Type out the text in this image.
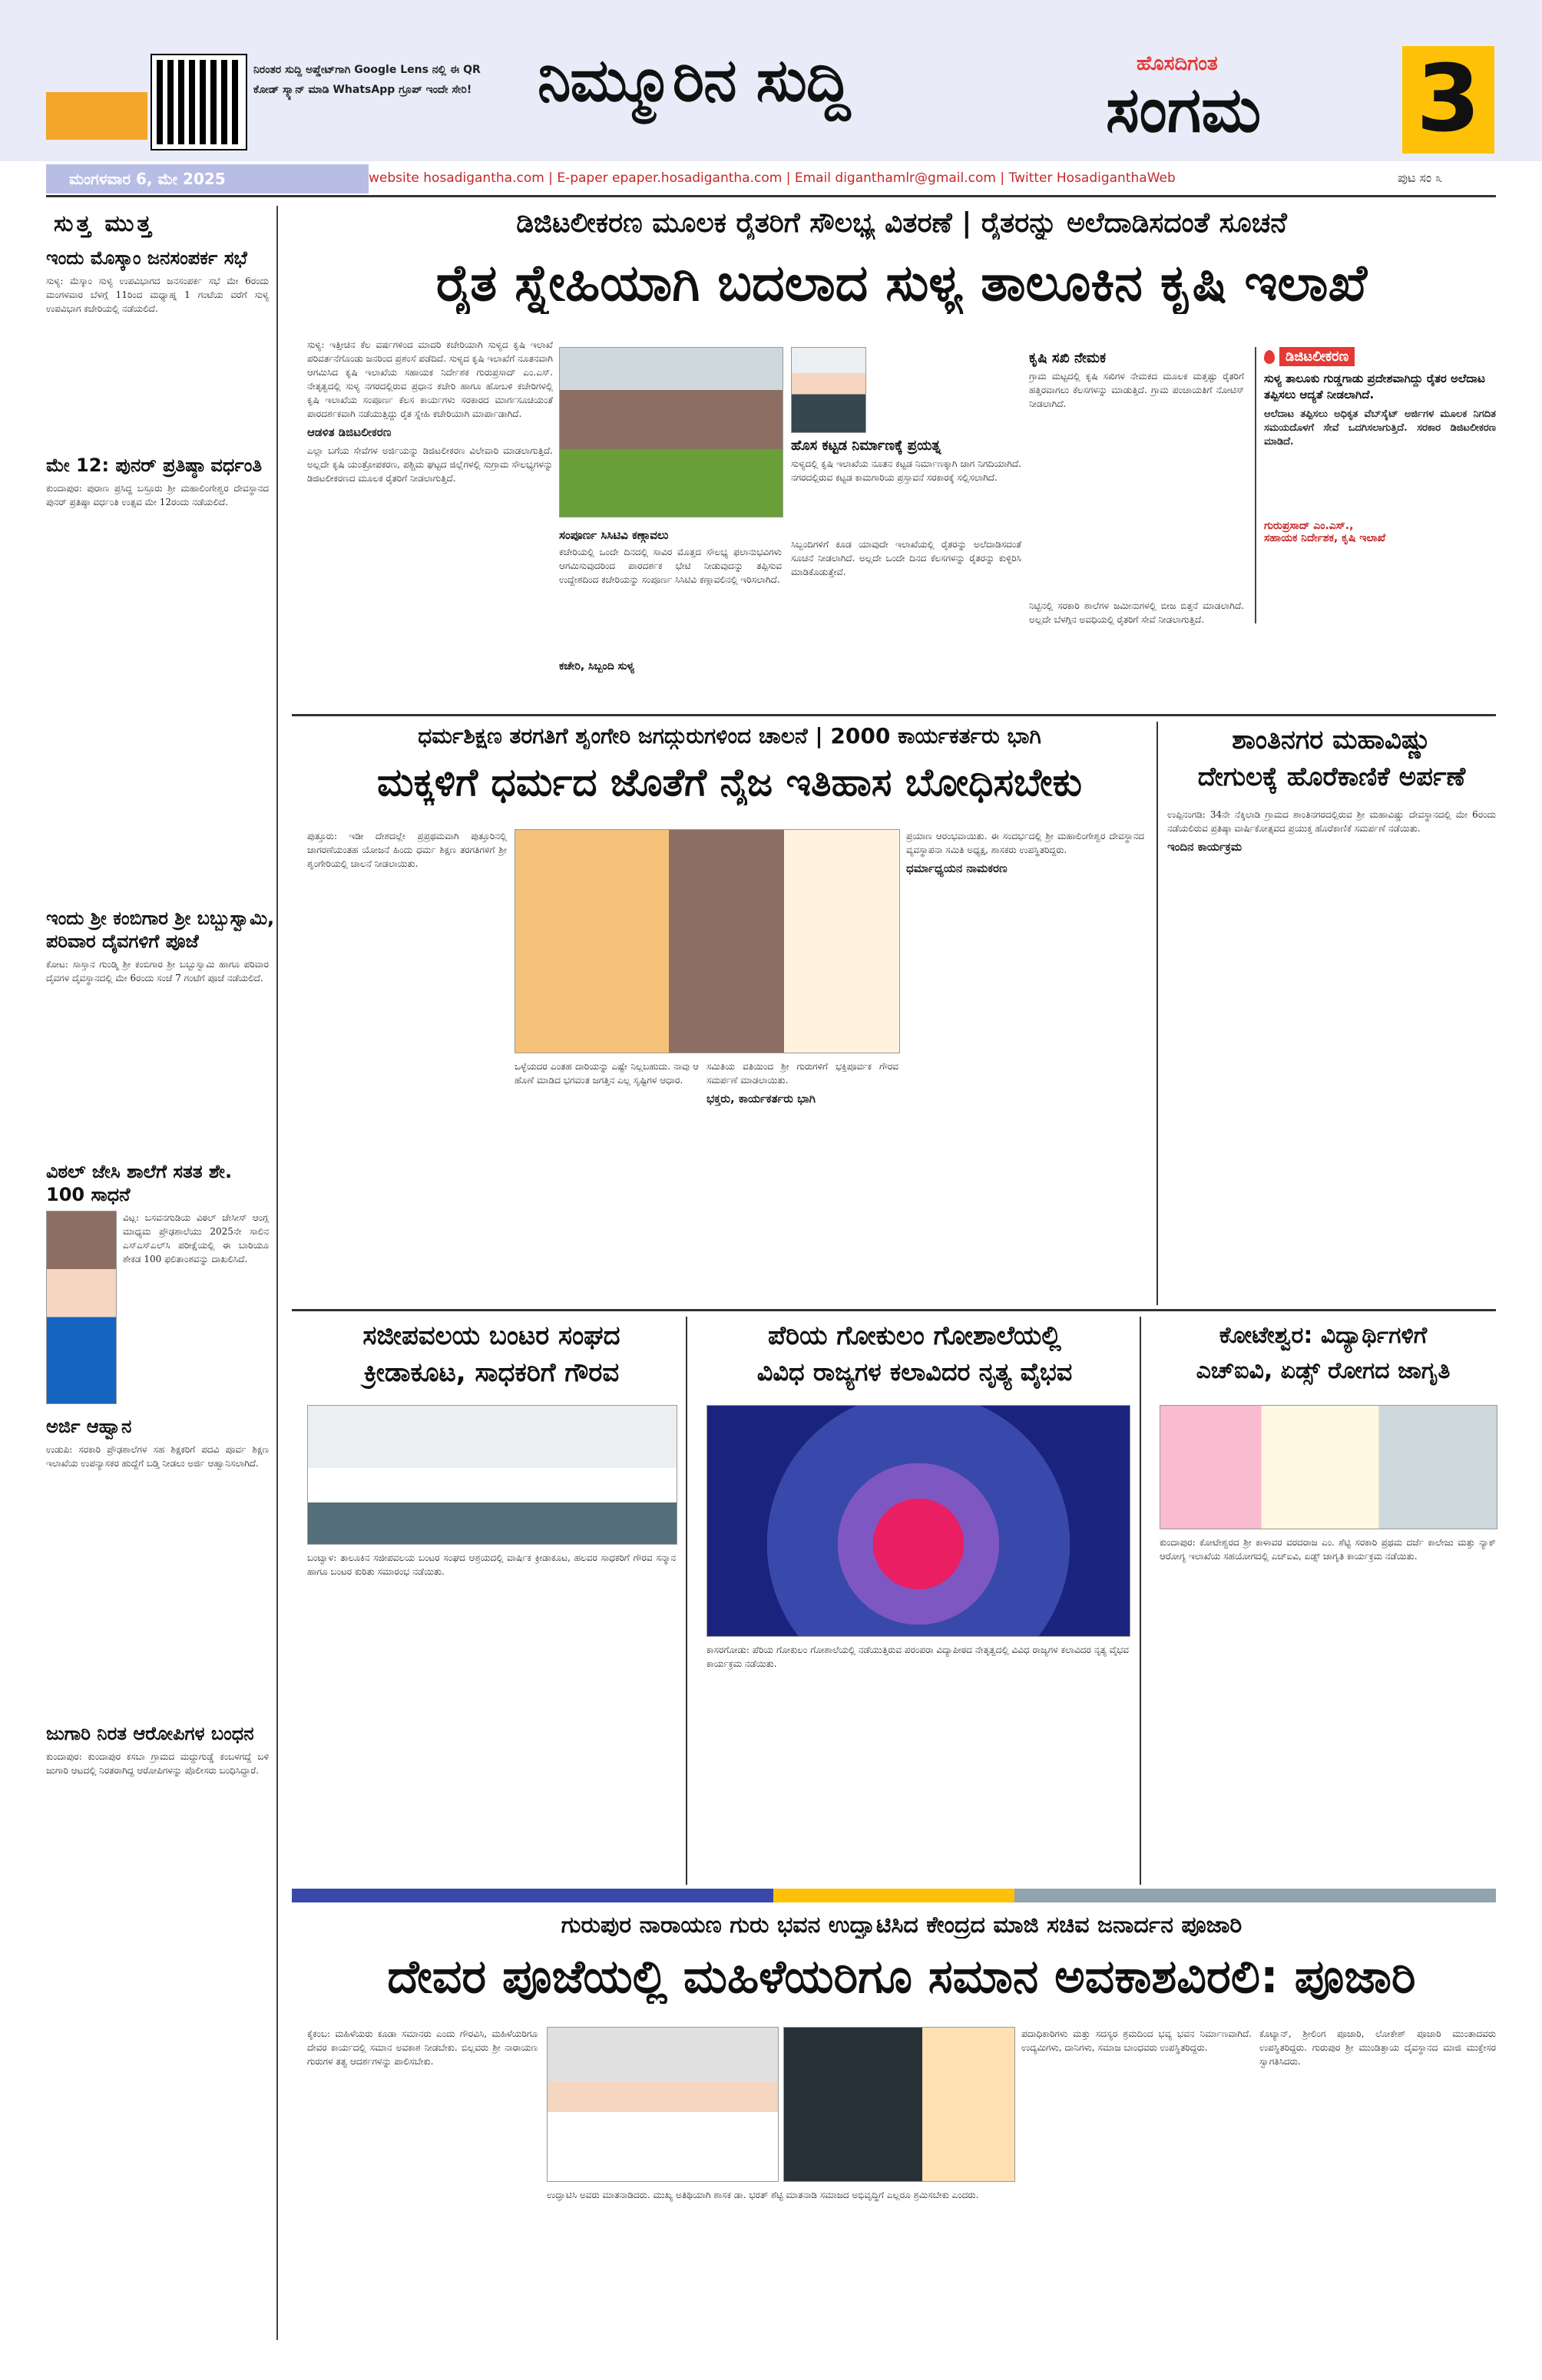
ನಿರಂತರ ಸುದ್ದಿ ಅಪ್ಡೇಟ್‌ಗಾಗಿ Google Lens ನಲ್ಲಿ ಈ QR ಕೋಡ್ ಸ್ಕ್ಯಾನ್ ಮಾಡಿ WhatsApp ಗ್ರೂಪ್ ಇಂದೇ ಸೇರಿ! ನಿಮ್ಮೂರಿನ ಸುದ್ದಿ	ಹೊಸದಿಗಂತ
ಸಂಗಮ 3
ಮಂಗಳವಾರ 6, ಮೇ 2025	website hosadigantha.com | E-paper epaper.hosadigantha.com | Email diganthamlr@gmail.com | Twitter HosadiganthaWeb	ಪುಟ ಸಂ ೩
ಸುತ್ತ ಮುತ್ತ
ಇಂದು ಮೊಸ್ಕಾಂ ಜನಸಂಪರ್ಕ ಸಭೆ
ಸುಳ್ಯ: ಮೆಸ್ಕಾಂ ಸುಳ್ಯ ಉಪವಿಭಾಗದ ಜನಸಂಪರ್ಕ ಸಭೆ ಮೇ 6ರಂದು ಮಂಗಳವಾರ ಬೆಳಗ್ಗೆ 11ರಿಂದ ಮಧ್ಯಾಹ್ನ 1 ಗಂಟೆಯ ವರೆಗೆ ಸುಳ್ಯ ಉಪವಿಭಾಗ ಕಚೇರಿಯಲ್ಲಿ ನಡೆಯಲಿದೆ.
ಮೇ 12: ಪುನರ್ ಪ್ರತಿಷ್ಠಾ ವರ್ಧಂತಿ
ಕುಂದಾಪುರ: ಪುರಾಣ ಪ್ರಸಿದ್ಧ ಬಸ್ರೂರು ಶ್ರೀ ಮಹಾಲಿಂಗೇಶ್ವರ ದೇವಸ್ಥಾನದ ಪುನರ್ ಪ್ರತಿಷ್ಠಾ ವರ್ಧಂತಿ ಉತ್ಸವ ಮೇ 12ರಂದು ನಡೆಯಲಿದೆ.
ಇಂದು ಶ್ರೀ ಕಂಬಿಗಾರ ಶ್ರೀ ಬಬ್ಬುಸ್ವಾಮಿ, ಪರಿವಾರ ದೈವಗಳಿಗೆ ಪೂಜೆ
ಕೋಟ: ಸಾಸ್ತಾನ ಗುಂಡ್ಮಿ ಶ್ರೀ ಕಂಬಿಗಾರ ಶ್ರೀ ಬಬ್ಬುಸ್ವಾಮಿ ಹಾಗೂ ಪರಿವಾರ ದೈವಗಳ ದೈವಸ್ಥಾನದಲ್ಲಿ ಮೇ 6ರಂದು ಸಂಜೆ 7 ಗಂಟೆಗೆ ಪೂಜೆ ನಡೆಯಲಿದೆ.
ವಿಠಲ್ ಜೇಸಿ ಶಾಲೆಗೆ ಸತತ ಶೇ. 100 ಸಾಧನೆ
ವಿಟ್ಲ: ಬಸವನಗುಡಿಯ ವಿಠಲ್ ಜೇಸೀಸ್ ಆಂಗ್ಲ ಮಾಧ್ಯಮ ಪ್ರೌಢಶಾಲೆಯು 2025ನೇ ಸಾಲಿನ ಎಸ್ಎಸ್ಎಲ್‌ಸಿ ಪರೀಕ್ಷೆಯಲ್ಲಿ ಈ ಬಾರಿಯೂ ಶೇಕಡ 100 ಫಲಿತಾಂಶವನ್ನು ದಾಖಲಿಸಿದೆ.
ಅರ್ಜಿ ಆಹ್ವಾನ
ಉಡುಪಿ: ಸರಕಾರಿ ಪ್ರೌಢಶಾಲೆಗಳ ಸಹ ಶಿಕ್ಷಕರಿಗೆ ಪದವಿ ಪೂರ್ವ ಶಿಕ್ಷಣ ಇಲಾಖೆಯ ಉಪನ್ಯಾಸಕರ ಹುದ್ದೆಗೆ ಬಡ್ತಿ ನೀಡಲು ಅರ್ಜಿ ಆಹ್ವಾನಿಸಲಾಗಿದೆ.
ಜುಗಾರಿ ನಿರತ ಆರೋಪಿಗಳ ಬಂಧನ
ಕುಂದಾಪುರ: ಕುಂದಾಪುರ ಕಸಬಾ ಗ್ರಾಮದ ಮದ್ದುಗುಡ್ಡೆ ಕಂಬಳಗದ್ದೆ ಬಳಿ ಜುಗಾರಿ ಆಟದಲ್ಲಿ ನಿರತರಾಗಿದ್ದ ಆರೋಪಿಗಳನ್ನು ಪೊಲೀಸರು ಬಂಧಿಸಿದ್ದಾರೆ.
ಡಿಜಿಟಲೀಕರಣ ಮೂಲಕ ರೈತರಿಗೆ ಸೌಲಭ್ಯ ವಿತರಣೆ | ರೈತರನ್ನು ಅಲೆದಾಡಿಸದಂತೆ ಸೂಚನೆ
ರೈತ ಸ್ನೇಹಿಯಾಗಿ ಬದಲಾದ ಸುಳ್ಯ ತಾಲೂಕಿನ ಕೃಷಿ ಇಲಾಖೆ

ಸುಳ್ಯ: ಇತ್ತೀಚಿನ ಕೆಲ ವರ್ಷಗಳಿಂದ ಮಾದರಿ ಕಚೇರಿಯಾಗಿ ಸುಳ್ಯದ ಕೃಷಿ ಇಲಾಖೆ ಪರಿವರ್ತನೆಗೊಂಡು ಜನರಿಂದ ಪ್ರಶಂಸೆ ಪಡೆದಿದೆ. ಸುಳ್ಯದ ಕೃಷಿ ಇಲಾಖೆಗೆ ನೂತನವಾಗಿ ಆಗಮಿಸಿದ ಕೃಷಿ ಇಲಾಖೆಯ ಸಹಾಯಕ ನಿರ್ದೇಶಕ ಗುರುಪ್ರಸಾದ್ ಎಂ.ಎಸ್. ನೇತೃತ್ವದಲ್ಲಿ ಸುಳ್ಯ ನಗರದಲ್ಲಿರುವ ಪ್ರಧಾನ ಕಚೇರಿ ಹಾಗೂ ಹೋಬಳಿ ಕಚೇರಿಗಳಲ್ಲಿ ಕೃಷಿ ಇಲಾಖೆಯ ಸಂಪೂರ್ಣ ಕೆಲಸ ಕಾರ್ಯಗಳು ಸರಕಾರದ ಮಾರ್ಗಸೂಚಿಯಂತೆ ಪಾರದರ್ಶಕವಾಗಿ ನಡೆಯುತ್ತಿದ್ದು ರೈತ ಸ್ನೇಹಿ ಕಚೇರಿಯಾಗಿ ಮಾರ್ಪಾಡಾಗಿದೆ.

ಆಡಳಿತ ಡಿಜಿಟಲೀಕರಣ

ಎಲ್ಲಾ ಬಗೆಯ ಸೇವೆಗಳ ಅರ್ಜಿಯನ್ನು ಡಿಜಿಟಲೀಕರಣ ವಿಲೇವಾರಿ ಮಾಡಲಾಗುತ್ತಿದೆ. ಅಲ್ಲದೇ ಕೃಷಿ ಯಂತ್ರೋಪಕರಣ, ಪಶ್ಚಿಮ ಘಟ್ಟದ ಜಿಲ್ಲೆಗಳಲ್ಲಿ ಸುಗ್ರಾಮ ಸೌಲಭ್ಯಗಳನ್ನು ಡಿಜಿಟಲೀಕರಣದ ಮೂಲಕ ರೈತರಿಗೆ ನೀಡಲಾಗುತ್ತಿದೆ.

ಸಂಪೂರ್ಣ ಸಿಸಿಟಿವಿ ಕಣ್ಗಾವಲು
ಕಚೇರಿಯಲ್ಲಿ ಒಂದೇ ದಿನದಲ್ಲಿ ಸಾವಿರ ಮೊತ್ತದ ಸೌಲಭ್ಯ ಫಲಾನುಭವಿಗಳು ಆಗಮಿಸುವುದರಿಂದ ಪಾರದರ್ಶಕ ಭೇಟಿ ನೀಡುವುದನ್ನು ತಪ್ಪಿಸುವ ಉದ್ದೇಶದಿಂದ ಕಚೇರಿಯನ್ನು ಸಂಪೂರ್ಣ ಸಿಸಿಟಿವಿ ಕಣ್ಗಾವಲಿನಲ್ಲಿ ಇರಿಸಲಾಗಿದೆ.
ಕಚೇರಿ, ಸಿಬ್ಬಂದಿ ಸುಳ್ಯ
ಹೊಸ ಕಟ್ಟಡ ನಿರ್ಮಾಣಕ್ಕೆ ಪ್ರಯತ್ನ
ಸುಳ್ಯದಲ್ಲಿ ಕೃಷಿ ಇಲಾಖೆಯ ನೂತನ ಕಟ್ಟಡ ನಿರ್ಮಾಣಕ್ಕಾಗಿ ಜಾಗ ನಿಗದಿಯಾಗಿದೆ. ನಗರದಲ್ಲಿರುವ ಕಟ್ಟಡ ಕಾಮಗಾರಿಯ ಪ್ರಸ್ತಾವನೆ ಸರಕಾರಕ್ಕೆ ಸಲ್ಲಿಸಲಾಗಿದೆ.
ಸಿಬ್ಬಂದಿಗಳಿಗೆ ಕೂಡ ಯಾವುದೇ ಇಲಾಖೆಯಲ್ಲಿ ರೈತರನ್ನು ಅಲೆದಾಡಿಸದಂತೆ ಸೂಚನೆ ನೀಡಲಾಗಿದೆ. ಅಲ್ಲದೇ ಒಂದೇ ದಿನದ ಕೆಲಸಗಳನ್ನು ರೈತರನ್ನು ಕುಳ್ಳಿರಿಸಿ ಮಾಡಿಕೊಡುತ್ತೇವೆ.
ಕೃಷಿ ಸಖಿ ನೇಮಕ
ಗ್ರಾಮ ಮಟ್ಟದಲ್ಲಿ ಕೃಷಿ ಸಖಿಗಳ ನೇಮಕದ ಮೂಲಕ ಮತ್ತಷ್ಟು ರೈತರಿಗೆ ಹತ್ತಿರವಾಗಲು ಕೆಲಸಗಳನ್ನು ಮಾಡುತ್ತಿದೆ. ಗ್ರಾಮ ಪಂಚಾಯತಿಗೆ ನೋಟಿಸ್ ನೀಡಲಾಗಿದೆ.
ನಿಟ್ಟಿನಲ್ಲಿ ಸರಕಾರಿ ಶಾಲೆಗಳ ಜಮೀನುಗಳಲ್ಲಿ ಬೀಜ ಬಿತ್ತನೆ ಮಾಡಲಾಗಿದೆ. ಅಲ್ಲದೇ ಬೆಳಗ್ಗಿನ ಅವಧಿಯಲ್ಲಿ ರೈತರಿಗೆ ಸೇವೆ ನೀಡಲಾಗುತ್ತಿದೆ.
ಡಿಜಿಟಲೀಕರಣ
ಸುಳ್ಯ ತಾಲೂಕು ಗುಡ್ಡಗಾಡು ಪ್ರದೇಶವಾಗಿದ್ದು ರೈತರ ಅಲೆದಾಟ ತಪ್ಪಿಸಲು ಆದ್ಯತೆ ನೀಡಲಾಗಿದೆ.
ಆಲೆದಾಟ ತಪ್ಪಿಸಲು ಅಧಿಕೃತ ವೆಬ್‌ಸೈಟ್ ಅರ್ಜಿಗಳ ಮೂಲಕ ನಿಗದಿತ ಸಮಯದೊಳಗೆ ಸೇವೆ ಒದಗಿಸಲಾಗುತ್ತಿದೆ. ಸರಕಾರ ಡಿಜಿಟಲೀಕರಣ ಮಾಡಿದೆ.
ಗುರುಪ್ರಸಾದ್ ಎಂ.ಎಸ್.,
ಸಹಾಯಕ ನಿರ್ದೇಶಕ, ಕೃಷಿ ಇಲಾಖೆ
ಧರ್ಮಶಿಕ್ಷಣ ತರಗತಿಗೆ ಶೃಂಗೇರಿ ಜಗದ್ಗುರುಗಳಿಂದ ಚಾಲನೆ | 2000 ಕಾರ್ಯಕರ್ತರು ಭಾಗಿ
ಮಕ್ಕಳಿಗೆ ಧರ್ಮದ ಜೊತೆಗೆ ನೈಜ ಇತಿಹಾಸ ಬೋಧಿಸಬೇಕು
ಪುತ್ತೂರು: ಇಡೀ ದೇಶದಲ್ಲೇ ಪ್ರಪ್ರಥಮವಾಗಿ ಪುತ್ತೂರಿನಲ್ಲಿ ಜಾಗರಣೆಯಂತಹ ಯೋಜನೆ ಹಿಂದು ಧರ್ಮ ಶಿಕ್ಷಣ ತರಗತಿಗಳಿಗೆ ಶ್ರೀ ಶೃಂಗೇರಿಯಲ್ಲಿ ಚಾಲನೆ ನೀಡಲಾಯಿತು.
ಒಳ್ಳೆಯದರ ಎಂತಹ ದಾರಿಯನ್ನು ಎಷ್ಟೇ ನಿಲ್ಲಬಹುದು. ನಾವು ಆ ಹೊಣೆ ಮಾಡಿದ ಭಗವಂತ ಜಗತ್ತಿನ ಎಲ್ಲ ಸೃಷ್ಟಿಗಳ ಆಧಾರ.

ಸಮಿತಿಯ ವತಿಯಿಂದ ಶ್ರೀ ಗುರುಗಳಿಗೆ ಭಕ್ತಿಪೂರ್ವಕ ಗೌರವ ಸಮರ್ಪಣೆ ಮಾಡಲಾಯಿತು.

ಭಕ್ತರು, ಕಾರ್ಯಕರ್ತರು ಭಾಗಿ

ಪ್ರಯಾಣ ಆರಂಭವಾಯಿತು. ಈ ಸಂದರ್ಭದಲ್ಲಿ ಶ್ರೀ ಮಹಾಲಿಂಗೇಶ್ವರ ದೇವಸ್ಥಾನದ ವ್ಯವಸ್ಥಾಪನಾ ಸಮಿತಿ ಅಧ್ಯಕ್ಷ, ಶಾಸಕರು ಉಪಸ್ಥಿತರಿದ್ದರು.

ಧರ್ಮಾಧ್ಯಯನ ನಾಮಕರಣ

ಶಾಂತಿನಗರ ಮಹಾವಿಷ್ಣು
ದೇಗುಲಕ್ಕೆ ಹೊರೆಕಾಣಿಕೆ ಅರ್ಪಣೆ

ಉಪ್ಪಿನಂಗಡಿ: 34ನೇ ನೆಕ್ಕಿಲಾಡಿ ಗ್ರಾಮದ ಶಾಂತಿನಗರದಲ್ಲಿರುವ ಶ್ರೀ ಮಹಾವಿಷ್ಣು ದೇವಸ್ಥಾನದಲ್ಲಿ ಮೇ 6ರಂದು ನಡೆಯಲಿರುವ ಪ್ರತಿಷ್ಠಾ ವಾರ್ಷಿಕೋತ್ಸವದ ಪ್ರಯುಕ್ತ ಹೊರೆಕಾಣಿಕೆ ಸಮರ್ಪಣೆ ನಡೆಯಿತು.

ಇಂದಿನ ಕಾರ್ಯಕ್ರಮ

ಸಜೀಪವಲಯ ಬಂಟರ ಸಂಘದ
ಕ್ರೀಡಾಕೂಟ, ಸಾಧಕರಿಗೆ ಗೌರವ
ಬಂಟ್ವಾಳ: ತಾಲೂಕಿನ ಸಜೀಪವಲಯ ಬಂಟರ ಸಂಘದ ಆಶ್ರಯದಲ್ಲಿ ವಾರ್ಷಿಕ ಕ್ರೀಡಾಕೂಟ, ಹಲವರ ಸಾಧಕರಿಗೆ ಗೌರವ ಸನ್ಮಾನ ಹಾಗೂ ಬಂಟರ ಕುರಿತು ಸಮಾರಂಭ ನಡೆಯಿತು.
ಪೆರಿಯ ಗೋಕುಲಂ ಗೋಶಾಲೆಯಲ್ಲಿ
ವಿವಿಧ ರಾಜ್ಯಗಳ ಕಲಾವಿದರ ನೃತ್ಯ ವೈಭವ
ಕಾಸರಗೋಡು: ಪೆರಿಯ ಗೋಕುಲಂ ಗೋಶಾಲೆಯಲ್ಲಿ ನಡೆಯುತ್ತಿರುವ ಪರಂಪರಾ ವಿದ್ಯಾಪೀಠದ ನೇತೃತ್ವದಲ್ಲಿ ವಿವಿಧ ರಾಜ್ಯಗಳ ಕಲಾವಿದರ ನೃತ್ಯ ವೈಭವ ಕಾರ್ಯಕ್ರಮ ನಡೆಯಿತು.
ಕೋಟೇಶ್ವರ: ವಿದ್ಯಾರ್ಥಿಗಳಿಗೆ
ಎಚ್ಐವಿ, ಏಡ್ಸ್ ರೋಗದ ಜಾಗೃತಿ
ಕುಂದಾಪುರ: ಕೋಟೇಶ್ವರದ ಶ್ರೀ ಕಾಳಾವರ ವರದರಾಜ ಎಂ. ಶೆಟ್ಟಿ ಸರಕಾರಿ ಪ್ರಥಮ ದರ್ಜೆ ಕಾಲೇಜು ಮತ್ತು ನ್ಯಾಕ್ ಆರೋಗ್ಯ ಇಲಾಖೆಯ ಸಹಯೋಗದಲ್ಲಿ ಎಚ್ಐವಿ, ಏಡ್ಸ್ ಜಾಗೃತಿ ಕಾರ್ಯಕ್ರಮ ನಡೆಯಿತು.
ಗುರುಪುರ ನಾರಾಯಣ ಗುರು ಭವನ ಉದ್ಘಾಟಿಸಿದ ಕೇಂದ್ರದ ಮಾಜಿ ಸಚಿವ ಜನಾರ್ದನ ಪೂಜಾರಿ
ದೇವರ ಪೂಜೆಯಲ್ಲಿ ಮಹಿಳೆಯರಿಗೂ ಸಮಾನ ಅವಕಾಶವಿರಲಿ: ಪೂಜಾರಿ
ಕೈಕಂಬ: ಮಹಿಳೆಯರು ಕೂಡಾ ಸಮಾನರು ಎಂದು ಗೌರವಿಸಿ, ಮಹಿಳೆಯರಿಗೂ ದೇವರ ಕಾರ್ಯದಲ್ಲಿ ಸಮಾನ ಅವಕಾಶ ನೀಡಬೇಕು. ಬಿಲ್ಲವರು ಶ್ರೀ ನಾರಾಯಣ ಗುರುಗಳ ತತ್ವ ಆದರ್ಶಗಳನ್ನು ಪಾಲಿಸಬೇಕು.
ಉದ್ಘಾಟಿಸಿ ಅವರು ಮಾತನಾಡಿದರು. ಮುಖ್ಯ ಅತಿಥಿಯಾಗಿ ಶಾಸಕ ಡಾ. ಭರತ್ ಶೆಟ್ಟಿ ಮಾತನಾಡಿ ಸಮಾಜದ ಅಭಿವೃದ್ಧಿಗೆ ಎಲ್ಲರೂ ಶ್ರಮಿಸಬೇಕು ಎಂದರು.
ಪದಾಧಿಕಾರಿಗಳು ಮತ್ತು ಸದಸ್ಯರ ಶ್ರಮದಿಂದ ಭವ್ಯ ಭವನ ನಿರ್ಮಾಣವಾಗಿದೆ. ಉದ್ಯಮಿಗಳು, ದಾನಿಗಳು, ಸಮಾಜ ಬಾಂಧವರು ಉಪಸ್ಥಿತರಿದ್ದರು.
ಕೊಟ್ಯಾನ್, ಶ್ರೀಲಿಂಗ ಪೂಜಾರಿ, ಲೋಕೇಶ್ ಪೂಜಾರಿ ಮುಂತಾದವರು ಉಪಸ್ಥಿತರಿದ್ದರು. ಗುರುಪುರ ಶ್ರೀ ಮುಂಡಿತ್ತಾಯ ದೈವಸ್ಥಾನದ ಮಾಜಿ ಮುಕ್ತೇಸರ ಸ್ವಾಗತಿಸಿದರು.
